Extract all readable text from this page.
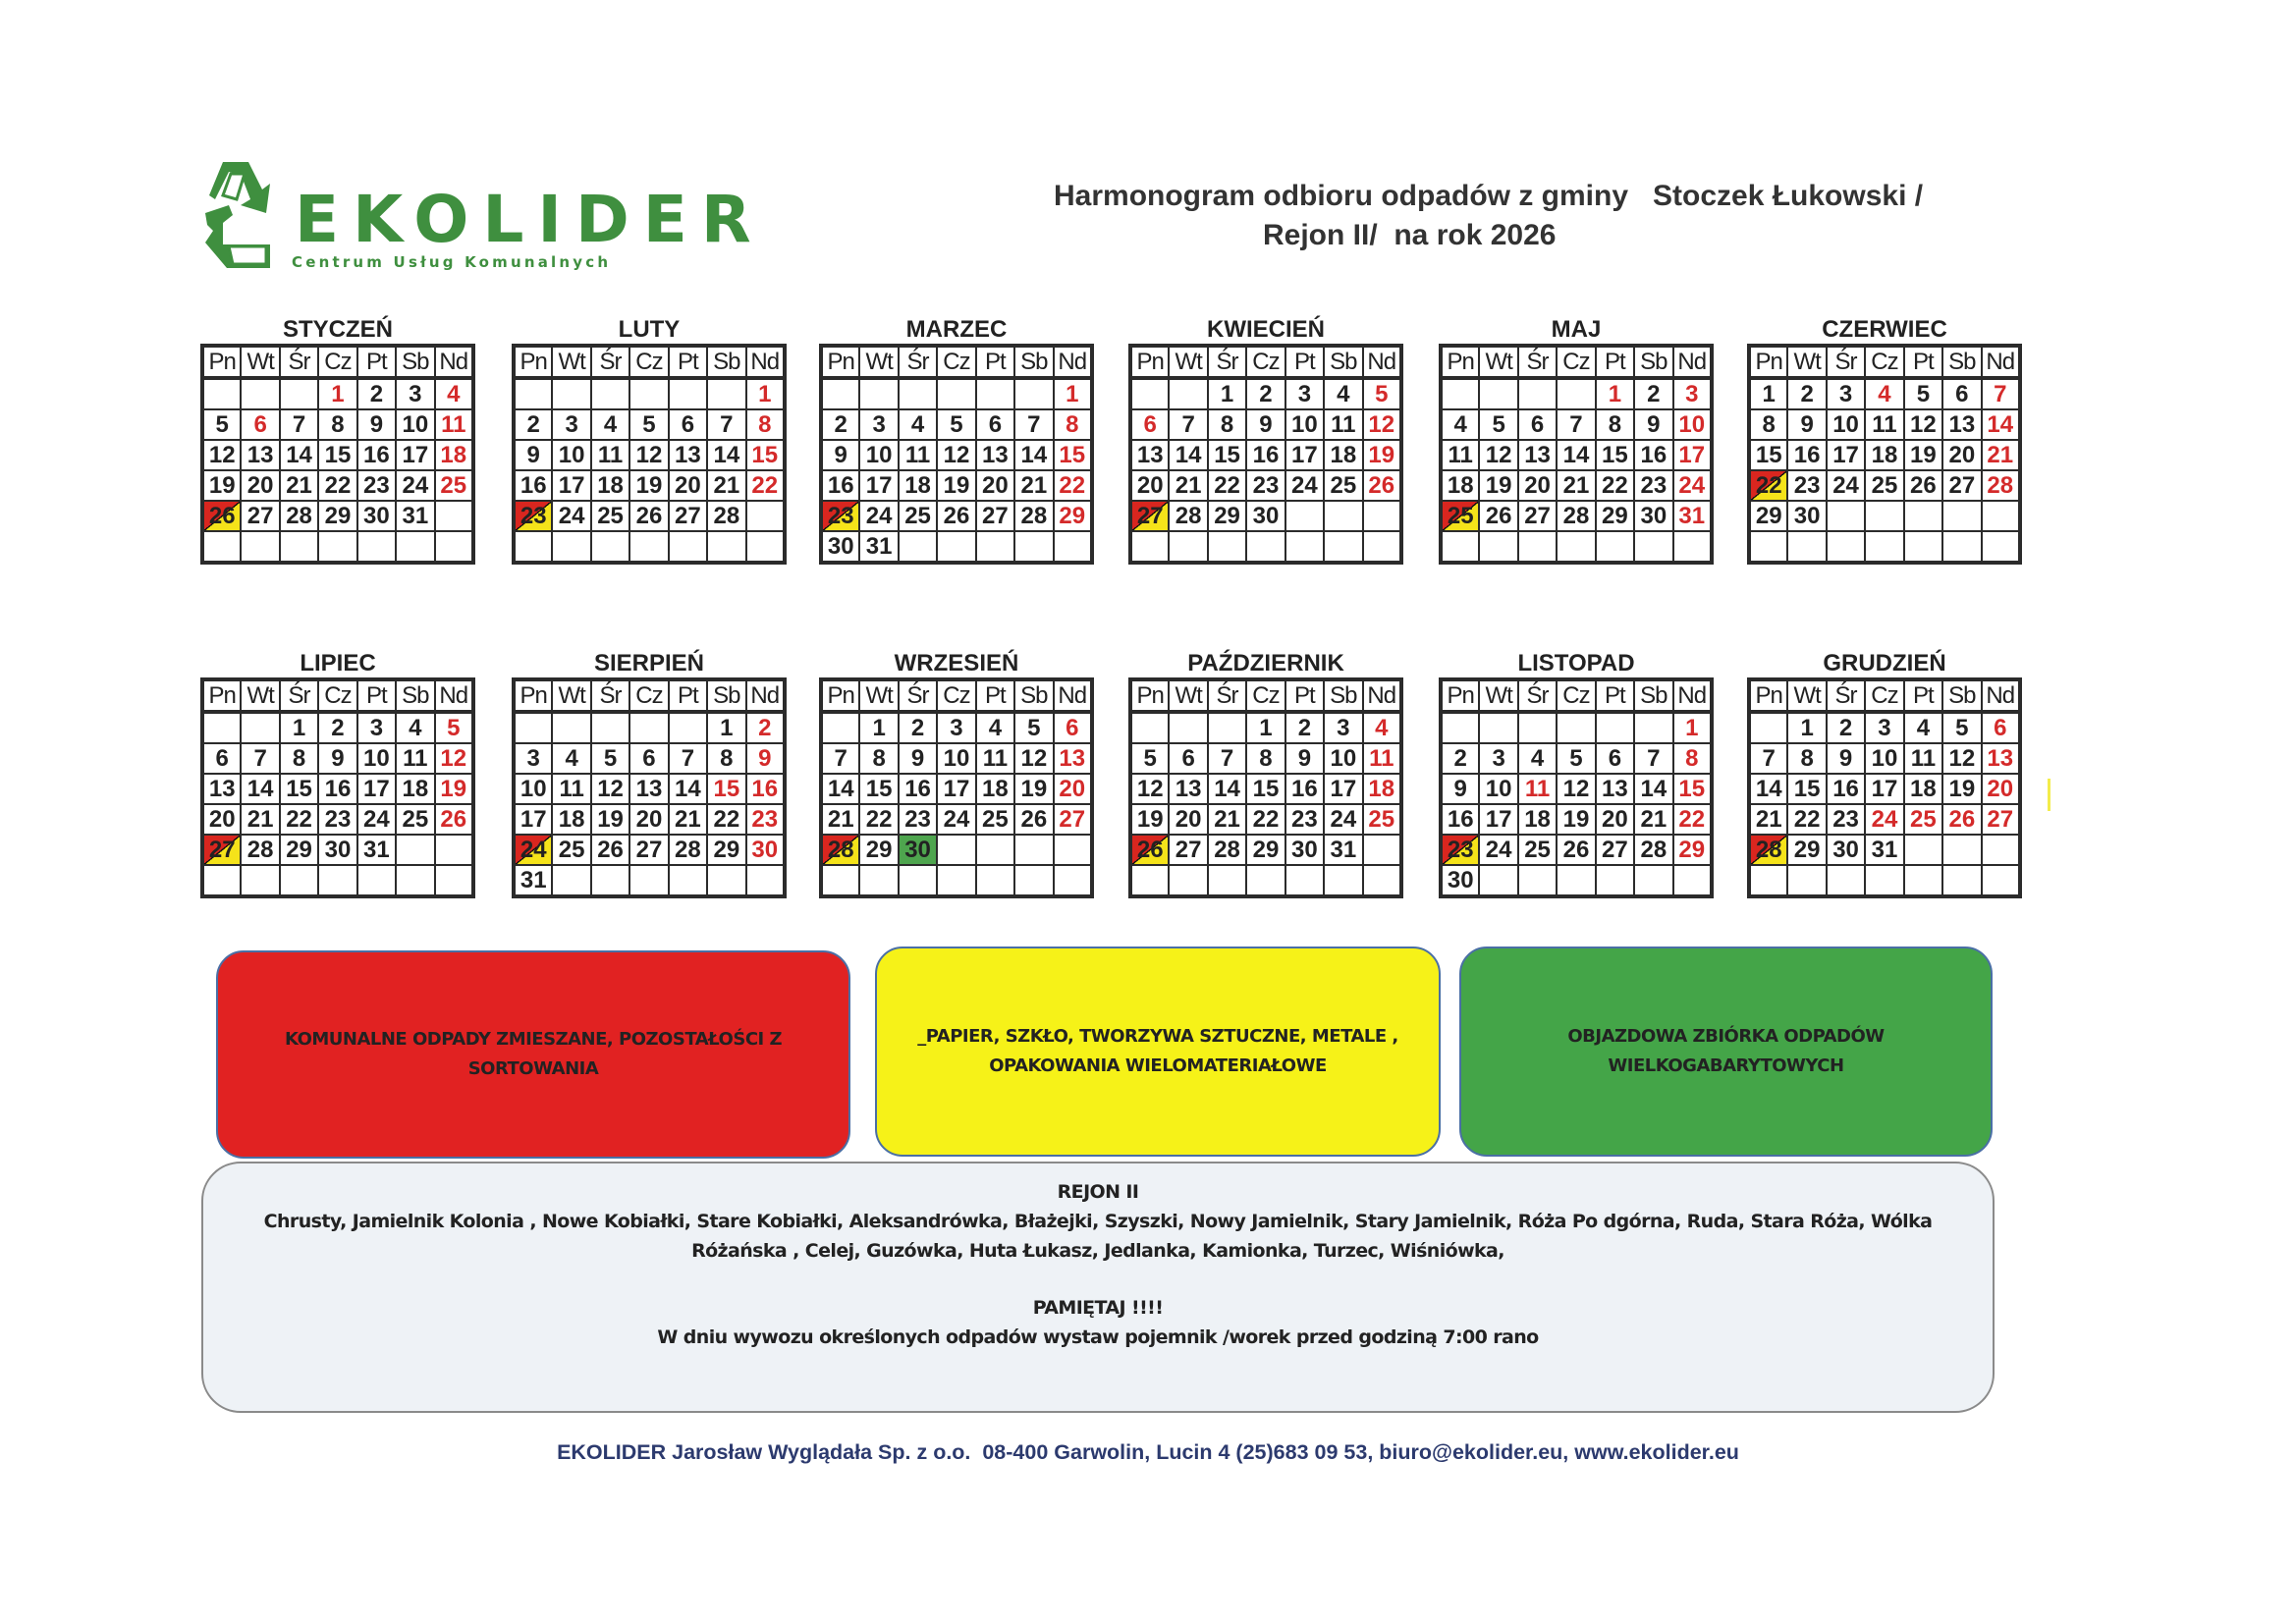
EKOLIDER
Centrum Usług Komunalnych
Harmonogram odbioru odpadów z gminy   Stoczek Łukowski /
Rejon II/  na rok 2026
STYCZEŃ
Pn	Wt	Śr	Cz	Pt	Sb	Nd
			1	2	3	4
5	6	7	8	9	10	11
12	13	14	15	16	17	18
19	20	21	22	23	24	25
26	27	28	29	30	31	

LUTY
Pn	Wt	Śr	Cz	Pt	Sb	Nd
						1
2	3	4	5	6	7	8
9	10	11	12	13	14	15
16	17	18	19	20	21	22
23	24	25	26	27	28	

MARZEC
Pn	Wt	Śr	Cz	Pt	Sb	Nd
						1
2	3	4	5	6	7	8
9	10	11	12	13	14	15
16	17	18	19	20	21	22
23	24	25	26	27	28	29
30	31					
KWIECIEŃ
Pn	Wt	Śr	Cz	Pt	Sb	Nd
		1	2	3	4	5
6	7	8	9	10	11	12
13	14	15	16	17	18	19
20	21	22	23	24	25	26
27	28	29	30			

MAJ
Pn	Wt	Śr	Cz	Pt	Sb	Nd
				1	2	3
4	5	6	7	8	9	10
11	12	13	14	15	16	17
18	19	20	21	22	23	24
25	26	27	28	29	30	31

CZERWIEC
Pn	Wt	Śr	Cz	Pt	Sb	Nd
1	2	3	4	5	6	7
8	9	10	11	12	13	14
15	16	17	18	19	20	21
22	23	24	25	26	27	28
29	30					

LIPIEC
Pn	Wt	Śr	Cz	Pt	Sb	Nd
		1	2	3	4	5
6	7	8	9	10	11	12
13	14	15	16	17	18	19
20	21	22	23	24	25	26
27	28	29	30	31		

SIERPIEŃ
Pn	Wt	Śr	Cz	Pt	Sb	Nd
					1	2
3	4	5	6	7	8	9
10	11	12	13	14	15	16
17	18	19	20	21	22	23
24	25	26	27	28	29	30
31						
WRZESIEŃ
Pn	Wt	Śr	Cz	Pt	Sb	Nd
	1	2	3	4	5	6
7	8	9	10	11	12	13
14	15	16	17	18	19	20
21	22	23	24	25	26	27
28	29	30				

PAŹDZIERNIK
Pn	Wt	Śr	Cz	Pt	Sb	Nd
			1	2	3	4
5	6	7	8	9	10	11
12	13	14	15	16	17	18
19	20	21	22	23	24	25
26	27	28	29	30	31	

LISTOPAD
Pn	Wt	Śr	Cz	Pt	Sb	Nd
						1
2	3	4	5	6	7	8
9	10	11	12	13	14	15
16	17	18	19	20	21	22
23	24	25	26	27	28	29
30						
GRUDZIEŃ
Pn	Wt	Śr	Cz	Pt	Sb	Nd
	1	2	3	4	5	6
7	8	9	10	11	12	13
14	15	16	17	18	19	20
21	22	23	24	25	26	27
28	29	30	31			

KOMUNALNE ODPADY ZMIESZANE, POZOSTAŁOŚCI Z
SORTOWANIA
_PAPIER, SZKŁO, TWORZYWA SZTUCZNE, METALE ,
OPAKOWANIA WIELOMATERIAŁOWE
OBJAZDOWA ZBIÓRKA ODPADÓW
WIELKOGABARYTOWYCH
REJON II
Chrusty, Jamielnik Kolonia , Nowe Kobiałki, Stare Kobiałki, Aleksandrówka, Błażejki, Szyszki, Nowy Jamielnik, Stary Jamielnik, Róża Po dgórna, Ruda, Stara Róża, Wólka
Różańska , Celej, Guzówka, Huta Łukasz, Jedlanka, Kamionka, Turzec, Wiśniówka,
PAMIĘTAJ !!!!
W dniu wywozu określonych odpadów wystaw pojemnik /worek przed godziną 7:00 rano
EKOLIDER Jarosław Wyglądała Sp. z o.o.  08-400 Garwolin, Lucin 4 (25)683 09 53, biuro@ekolider.eu, www.ekolider.eu
